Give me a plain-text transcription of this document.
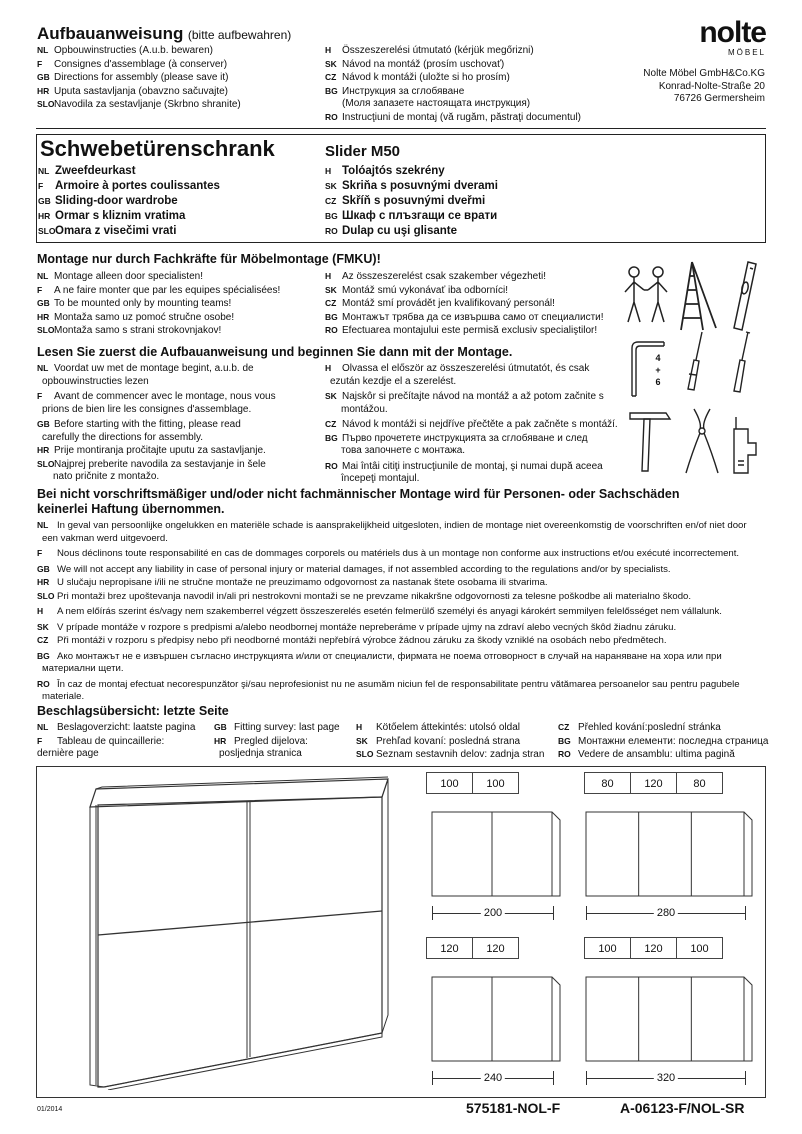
Aufbauanweisung (bitte aufbewahren)
NL Opbouwinstructies (A.u.b. bewaren)
F Consignes d'assemblage (à conserver)
GB Directions for assembly (please save it)
HR Uputa sastavljanja (obavzno sačuvajte)
SLONavodila za sestavljanje (Skrbno shranite)
H Összeszerelési útmutató (kérjük megőrizni)
SK Návod na montáž (prosím uschovať)
CZ Návod k montáži (uložte si ho prosím)
BG Инструкция за сглобяване
(Моля запазете настоящата инструкция)
RO Instrucţiuni de montaj (vă rugăm, păstraţi documentul)
nolte
MÖBEL
Nolte Möbel GmbH&Co.KG
Konrad-Nolte-Straße 20
76726 Germersheim
Schwebetürenschrank	Slider M50
NL Zweefdeurkast
F Armoire à portes coulissantes
GB Sliding-door wardrobe
HR Ormar s kliznim vratima
SLOOmara z visečimi vrati
H Tolóajtós szekrény
SK Skriňa s posuvnými dverami
CZ Skříň s posuvnými dveřmi
BG Шкаф с плъзгащи се врати
RO Dulap cu uşi glisante
Montage nur durch Fachkräfte für Möbelmontage (FMKU)!
NL Montage alleen door specialisten!
F A ne faire monter que par les equipes spécialisées!
GB To be mounted only by mounting teams!
HR Montaža samo uz pomoć stručne osobe!
SLOMontaža samo s strani strokovnjakov!
H Az összeszerelést csak szakember végezheti!
SK Montáž smú vykonávať iba odborníci!
CZ Montáž smí provádět jen kvalifikovaný personál!
BG Монтажът трябва да се извършва само от специалисти!
RO Efectuarea montajului este permisă exclusiv specialiştilor!
Lesen Sie zuerst die Aufbauanweisung und beginnen Sie dann mit der Montage.
NL Voordat uw met de montage begint, a.u.b. de
opbouwinstructies lezen
F Avant de commencer avec le montage, nous vous
prions de bien lire les consignes d'assemblage.
GB Before starting with the fitting, please read
carefully the directions for assembly.
HR Prije montiranja pročitajte uputu za sastavljanje.
SLONajprej preberite navodila za sestavjanje in šele
nato pričnite z montažo.
H Olvassa el először az összeszerelési útmutatót, és csak
ezután kezdje el a szerelést.
SK Najskôr si prečítajte návod na montáž a až potom začnite s
montážou.
CZ Návod k montáži si nejdříve přečtěte a pak začněte s montáží.
BG Първо прочетете инструкцията за сглобяване и след
това започнете с монтажа.
RO Mai întâi citiţi instrucţiunile de montaj, şi numai după aceea
începeţi montajul.
4
+
6
Bei nicht vorschriftsmäßiger und/oder nicht fachmännischer Montage wird für Personen- oder Sachschäden
keinerlei Haftung übernommen.
NL In geval van persoonlijke ongelukken en materiële schade is aansprakelijkheid uitgesloten, indien de montage niet overeenkomstig de voorschriften en/of niet door
een vakman werd uitgevoerd.
F Nous déclinons toute responsabilité en cas de dommages corporels ou matériels dus à un montage non conforme aux instructions et/ou exécuté incorrectement.
GB We will not accept any liability in case of personal injury or material damages, if not assembled according to the regulations and/or by specialists.
HR U slučaju nepropisane i/ili ne stručne montaže ne preuzimamo odgovornost za nastanak štete osobama ili stvarima.
SLO Pri montaži brez upoštevanja navodil in/ali pri nestrokovni montaži se ne prevzame nikakršne odgovornosti za telesne poškodbe ali materialno škodo.
H A nem előírás szerint és/vagy nem szakemberrel végzett összeszerelés esetén felmerülő személyi és anyagi károkért semmilyen felelősséget nem vállalunk.
SK V prípade montáže v rozpore s predpismi a/alebo neodbornej montáže nepreberáme v prípade ujmy na zdraví alebo vecných škôd žiadnu záruku.
CZ Při montáži v rozporu s předpisy nebo při neodborné montáži nepřebírá výrobce žádnou záruku za škody vzniklé na osobách nebo předmětech.
BG Ако монтажът не е извършен съгласно инструкцията и/или от специалисти, фирмата не поема отговорност в случай на нараняване на хора или при
материални щети.
RO În caz de montaj efectuat necorespunzător şi/sau neprofesionist nu ne asumăm niciun fel de responsabilitate pentru vătămarea persoanelor sau pentru pagubele
materiale.
Beschlagsübersicht: letzte Seite
NL Beslagoverzicht: laatste pagina
F Tableau de quincaillerie:
dernière page
GB Fitting survey: last page
HR Pregled dijelova:
posljednja stranica
H Kötőelem áttekintés: utolsó oldal
SK Prehľad kovaní: posledná strana
SLO Seznam sestavnih delov: zadnja stran
CZ Přehled kování:poslední stránka
BG Монтажни елементи: последна страница
RO Vedere de ansamblu: ultima pagină
100	100
200
80	120	80
280
120	120
240
100	120	100
320
01/2014	575181-NOL-F	A-06123-F/NOL-SR
